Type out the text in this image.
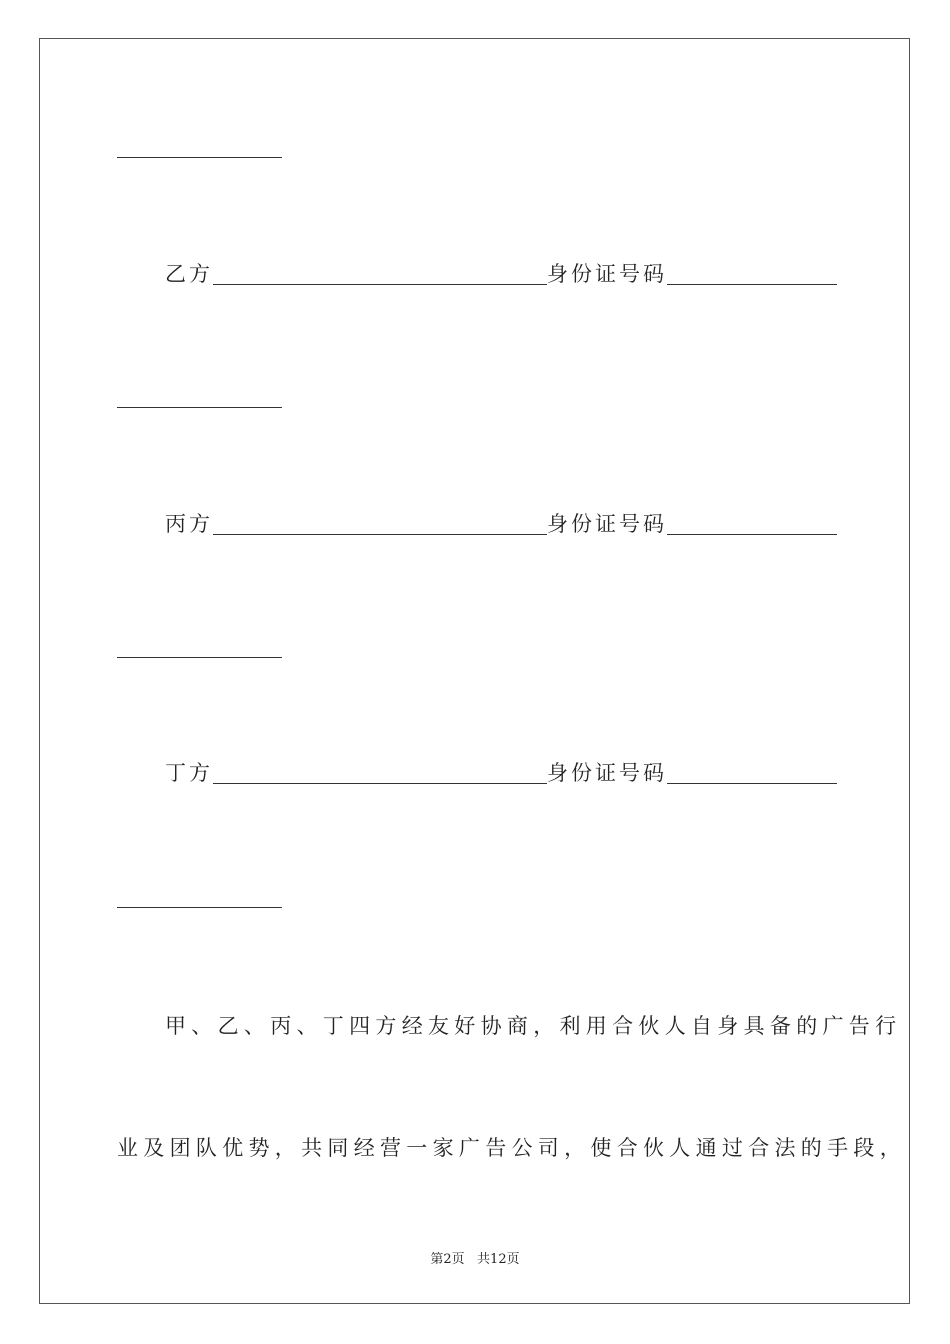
乙方	身份证号码
丙方	身份证号码
丁方	身份证号码
甲、乙、丙、丁四方经友好协商，利用合伙人自身具备的广告行
业及团队优势，共同经营一家广告公司，使合伙人通过合法的手段，
第2页   共12页
